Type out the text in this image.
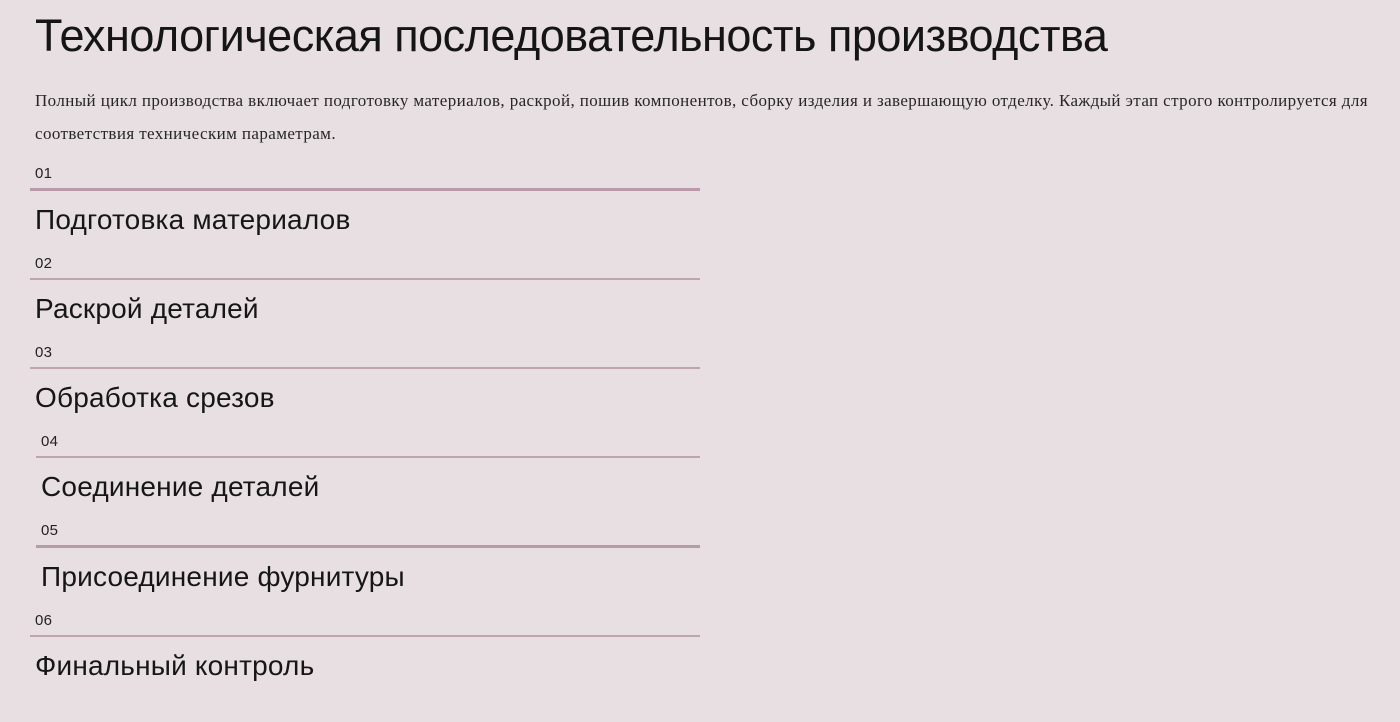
Технологическая последовательность производства

Полный цикл производства включает подготовку материалов, раскрой, пошив компонентов, сборку изделия и завершающую отделку. Каждый этап строго контролируется для соответствия техническим параметрам.

01
Подготовка материалов
02
Раскрой деталей
03
Обработка срезов
04
Соединение деталей
05
Присоединение фурнитуры
06
Финальный контроль
